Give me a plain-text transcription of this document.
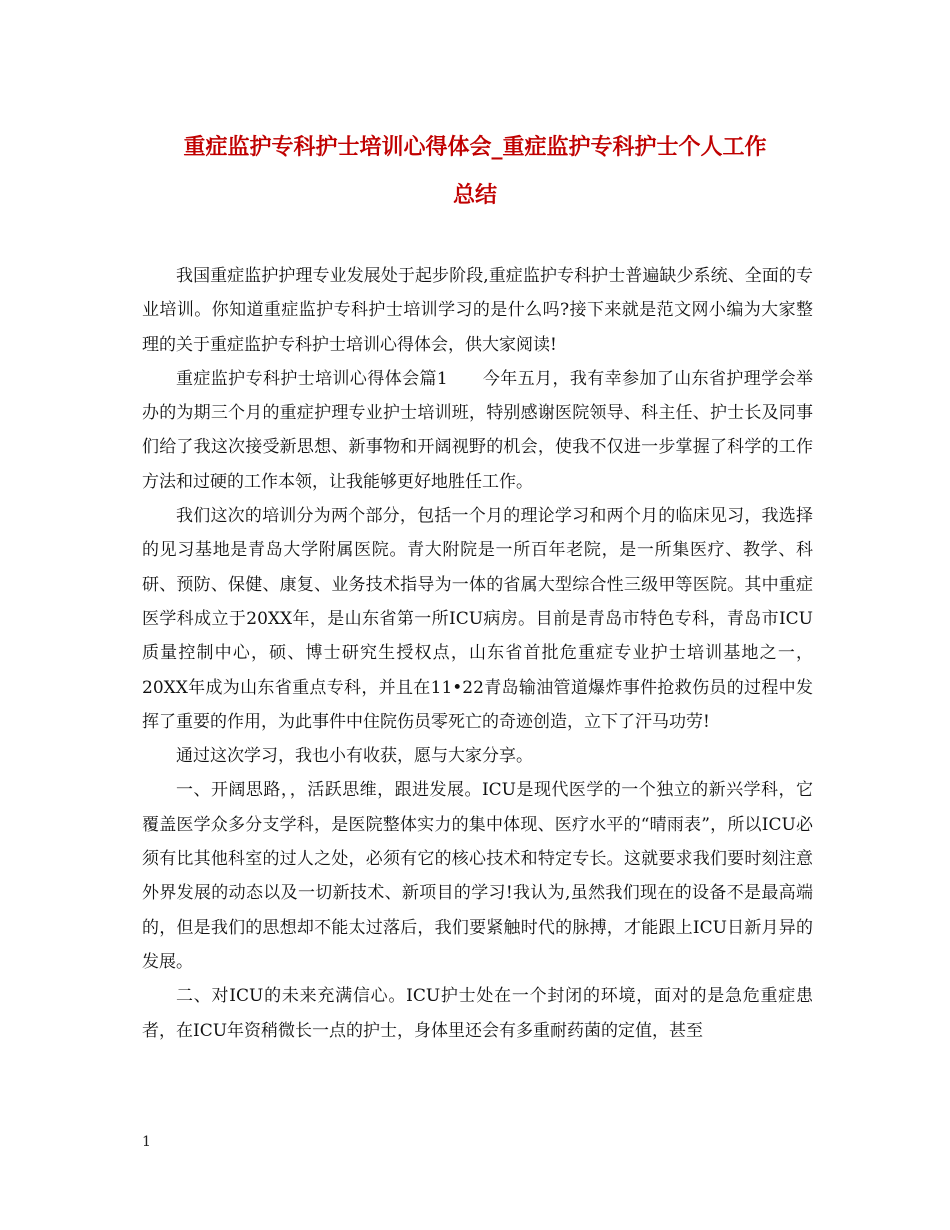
重症监护专科护士培训心得体会_重症监护专科护士个人工作
总结

我国重症监护护理专业发展处于起步阶段,重症监护专科护士普遍缺少系统、全面的专业培训。你知道重症监护专科护士培训学习的是什么吗?接下来就是范文网小编为大家整理的关于重症监护专科护士培训心得体会，供大家阅读!

重症监护专科护士培训心得体会篇1　　今年五月，我有幸参加了山东省护理学会举办的为期三个月的重症护理专业护士培训班，特别感谢医院领导、科主任、护士长及同事们给了我这次接受新思想、新事物和开阔视野的机会，使我不仅进一步掌握了科学的工作方法和过硬的工作本领，让我能够更好地胜任工作。

我们这次的培训分为两个部分，包括一个月的理论学习和两个月的临床见习，我选择的见习基地是青岛大学附属医院。青大附院是一所百年老院，是一所集医疗、教学、科研、预防、保健、康复、业务技术指导为一体的省属大型综合性三级甲等医院。其中重症医学科成立于20XX年，是山东省第一所ICU病房。目前是青岛市特色专科，青岛市ICU质量控制中心，硕、博士研究生授权点，山东省首批危重症专业护士培训基地之一，20XX年成为山东省重点专科，并且在11•22青岛输油管道爆炸事件抢救伤员的过程中发挥了重要的作用，为此事件中住院伤员零死亡的奇迹创造，立下了汗马功劳!

通过这次学习，我也小有收获，愿与大家分享。

一、开阔思路，，活跃思维，跟进发展。ICU是现代医学的一个独立的新兴学科，它覆盖医学众多分支学科，是医院整体实力的集中体现、医疗水平的“晴雨表”，所以ICU必须有比其他科室的过人之处，必须有它的核心技术和特定专长。这就要求我们要时刻注意外界发展的动态以及一切新技术、新项目的学习!我认为,虽然我们现在的设备不是最高端的，但是我们的思想却不能太过落后，我们要紧触时代的脉搏，才能跟上ICU日新月异的发展。

二、对ICU的未来充满信心。ICU护士处在一个封闭的环境，面对的是急危重症患者，在ICU年资稍微长一点的护士，身体里还会有多重耐药菌的定值，甚至

1
